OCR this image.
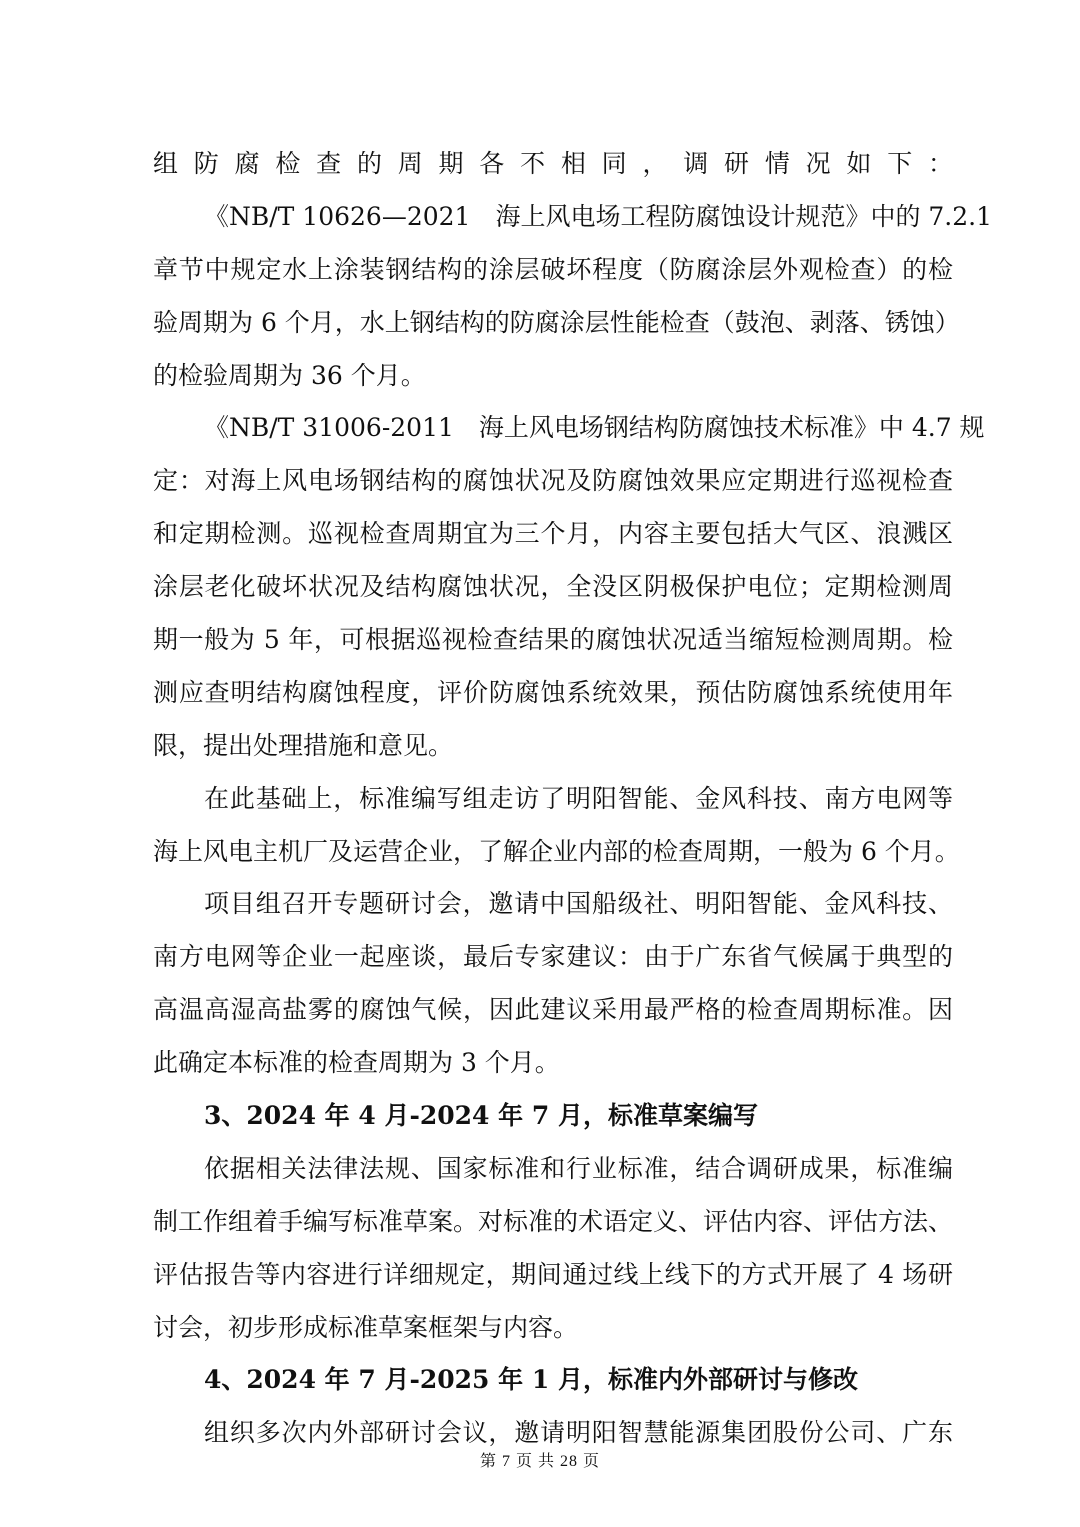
组防腐检查的周期各不相同，调研情况如下：
《NB/T 10626—2021　海上风电场工程防腐蚀设计规范》中的 7.2.1
章节中规定水上涂装钢结构的涂层破坏程度（防腐涂层外观检查）的检
验周期为 6 个月，水上钢结构的防腐涂层性能检查（鼓泡、剥落、锈蚀）
的检验周期为 36 个月。
《NB/T 31006-2011　海上风电场钢结构防腐蚀技术标准》中 4.7 规
定：对海上风电场钢结构的腐蚀状况及防腐蚀效果应定期进行巡视检查
和定期检测。巡视检查周期宜为三个月，内容主要包括大气区、浪溅区
涂层老化破坏状况及结构腐蚀状况，全没区阴极保护电位；定期检测周
期一般为 5 年，可根据巡视检查结果的腐蚀状况适当缩短检测周期。检
测应查明结构腐蚀程度，评价防腐蚀系统效果，预估防腐蚀系统使用年
限，提出处理措施和意见。
在此基础上，标准编写组走访了明阳智能、金风科技、南方电网等
海上风电主机厂及运营企业，了解企业内部的检查周期，一般为 6 个月。
项目组召开专题研讨会，邀请中国船级社、明阳智能、金风科技、
南方电网等企业一起座谈，最后专家建议：由于广东省气候属于典型的
高温高湿高盐雾的腐蚀气候，因此建议采用最严格的检查周期标准。因
此确定本标准的检查周期为 3 个月。
3、2024 年 4 月-2024 年 7 月，标准草案编写
依据相关法律法规、国家标准和行业标准，结合调研成果，标准编
制工作组着手编写标准草案。对标准的术语定义、评估内容、评估方法、
评估报告等内容进行详细规定，期间通过线上线下的方式开展了 4 场研
讨会，初步形成标准草案框架与内容。
4、2024 年 7 月-2025 年 1 月，标准内外部研讨与修改
组织多次内外部研讨会议，邀请明阳智慧能源集团股份公司、广东
第 7 页 共 28 页
